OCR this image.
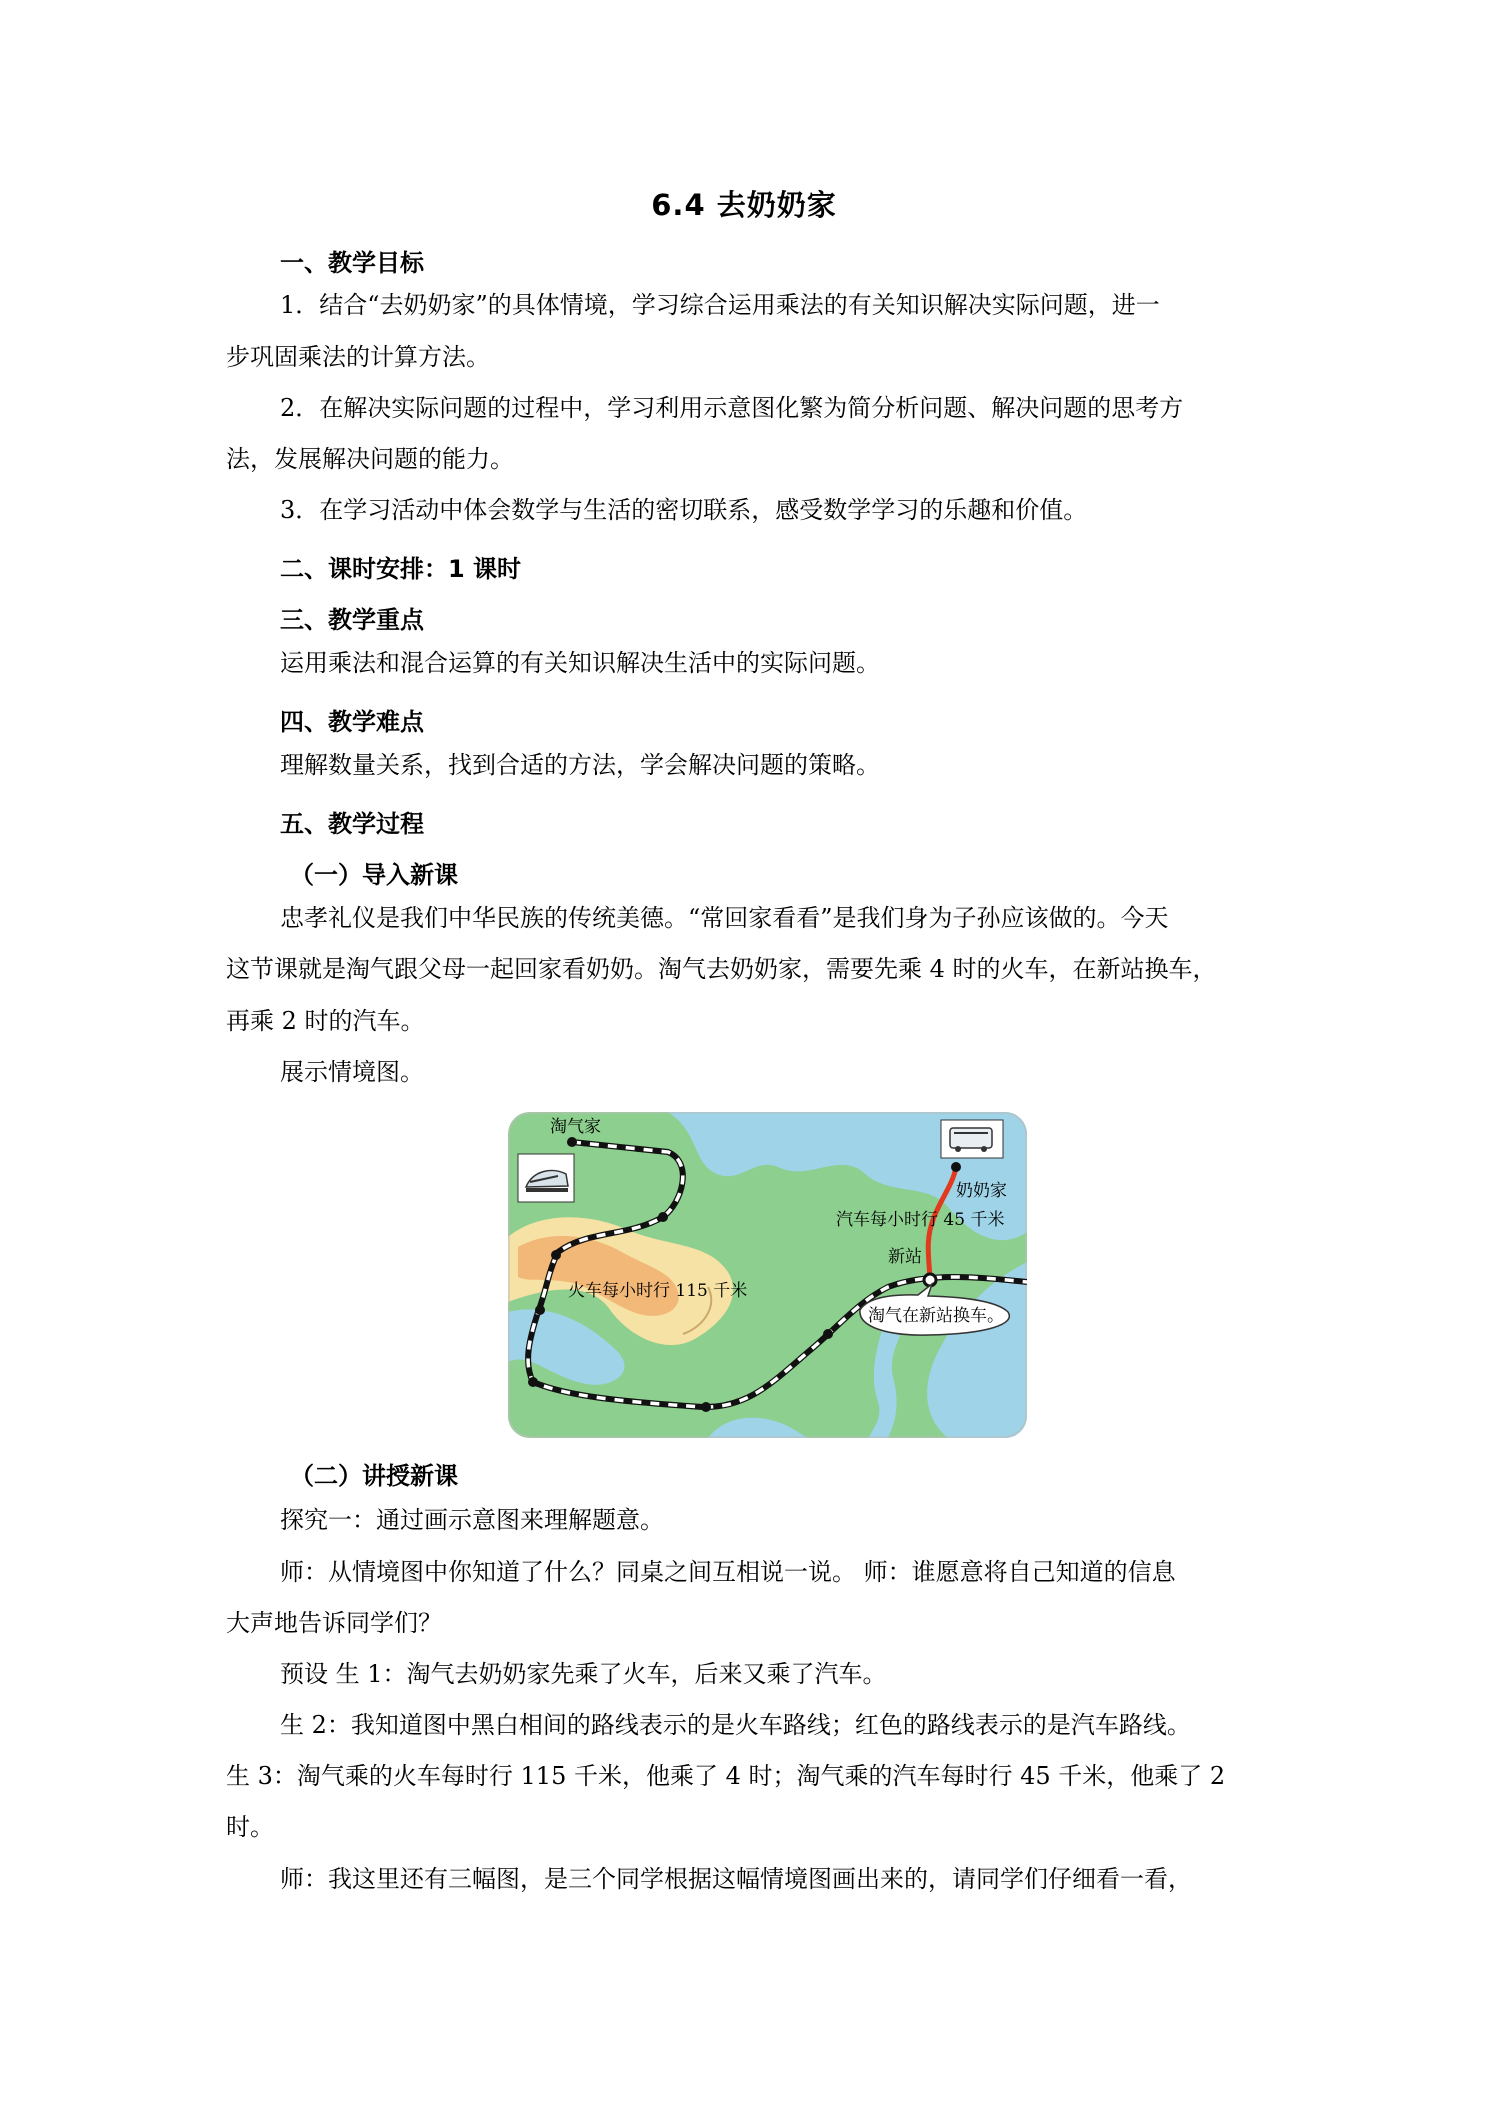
6.4 去奶奶家
一、教学目标
1．结合“去奶奶家”的具体情境，学习综合运用乘法的有关知识解决实际问题，进一
步巩固乘法的计算方法。
2．在解决实际问题的过程中，学习利用示意图化繁为简分析问题、解决问题的思考方
法，发展解决问题的能力。
3．在学习活动中体会数学与生活的密切联系，感受数学学习的乐趣和价值。
二、课时安排：1 课时
三、教学重点
运用乘法和混合运算的有关知识解决生活中的实际问题。
四、教学难点
理解数量关系，找到合适的方法，学会解决问题的策略。
五、教学过程
（一）导入新课
忠孝礼仪是我们中华民族的传统美德。“常回家看看”是我们身为子孙应该做的。今天
这节课就是淘气跟父母一起回家看奶奶。淘气去奶奶家，需要先乘 4 时的火车，在新站换车，
再乘 2 时的汽车。
展示情境图。
淘气家
奶奶家
汽车每小时行 45 千米
新站
火车每小时行 115 千米
淘气在新站换车。
（二）讲授新课
探究一：通过画示意图来理解题意。
师：从情境图中你知道了什么？同桌之间互相说一说。 师：谁愿意将自己知道的信息
大声地告诉同学们？
预设 生 1：淘气去奶奶家先乘了火车，后来又乘了汽车。
生 2：我知道图中黑白相间的路线表示的是火车路线；红色的路线表示的是汽车路线。
生 3：淘气乘的火车每时行 115 千米，他乘了 4 时；淘气乘的汽车每时行 45 千米，他乘了 2
时。
师：我这里还有三幅图，是三个同学根据这幅情境图画出来的，请同学们仔细看一看，
